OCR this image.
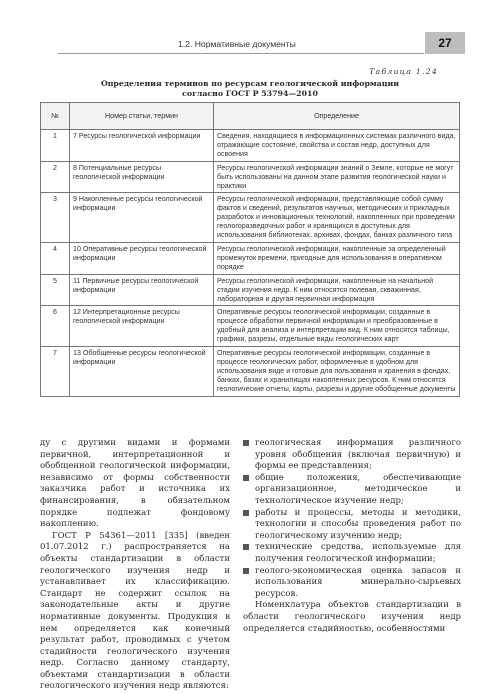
1.2. Нормативные документы	27
Таблица 1.24
Определения терминов по ресурсам геологической информации
согласно ГОСТ Р 53794—2010
№	Номер статьи, термин	Определение
1	7 Ресурсы геологической информации	Сведения, находящиеся в информационных системах различного вида, отражающие состояние, свойства и состав недр, доступных для освоения
2	8 Потенциальные ресурсы геологической информации	Ресурсы геологической информации знаний о Земле, которые не могут быть использованы на данном этапе развития геологической науки и практики
3	9 Накопленные ресурсы геологической информации	Ресурсы геологической информации, представляющие собой сумму фактов и сведений, результатов научных, методических и прикладных разработок и инновационных технологий, накопленных при проведении геологоразведочных работ и хранящихся в доступных для использования библиотеках, архивах, фондах, банках различного типа
4	10 Оперативные ресурсы геологической информации	Ресурсы геологической информации, накопленные за определенный промежуток времени, пригодные для использования в оперативном порядке
5	11 Первичные ресурсы геологической информации	Ресурсы геологической информации, накопленные на начальной стадии изучения недр. К ним относятся полевая, скважинная, лабораторная и другая первичная информация
6	12 Интерпретационные ресурсы геологической информации	Оперативные ресурсы геологической информации, созданные в процессе обработки первичной информации и преобразованные в удобный для анализа и интерпретации вид. К ним относятся таблицы, графики, разрезы, отдельные виды геологических карт
7	13 Обобщенные ресурсы геологической информации	Оперативные ресурсы геологической информации, созданные в процессе геологических работ, оформленные в удобном для использования виде и готовые для пользования и хранения в фондах, банках, базах и хранилищах накопленных ресурсов. К ним относятся геологические отчеты, карты, разрезы и другие обобщенные документы

ду с другими видами и формами первичной, интерпретационной и обобщенной геологической информации, независимо от формы собственности заказчика работ и источника их финансирования, в обязательном порядке подлежат фондовому накоплению.

ГОСТ Р 54361—2011 [335] (введен 01.07.2012 г.) распространяется на объекты стандартизации в области геологического изучения недр и устанавливает их классификацию. Стандарт не содержит ссылок на законодательные акты и другие нормативные документы. Продукция в нем определяется как конечный результат работ, проводимых с учетом стадийности геологического изучения недр. Согласно данному стандарту, объектами стандартизации в области геологического изучения недр являются:

геологическая информация различного уровня обобщения (включая первичную) и формы ее представления;
общие положения, обеспечивающие организационное, методическое и технологическое изучение недр;
работы и процессы, методы и методики, технологии и способы проведения работ по геологическому изучению недр;
технические средства, используемые для получения геологической информации;
геолого-экономическая оценка запасов и использования минерально-сырьевых ресурсов.

Номенклатура объектов стандартизации в области геологического изучения недр определяется стадийностью, особенностями
